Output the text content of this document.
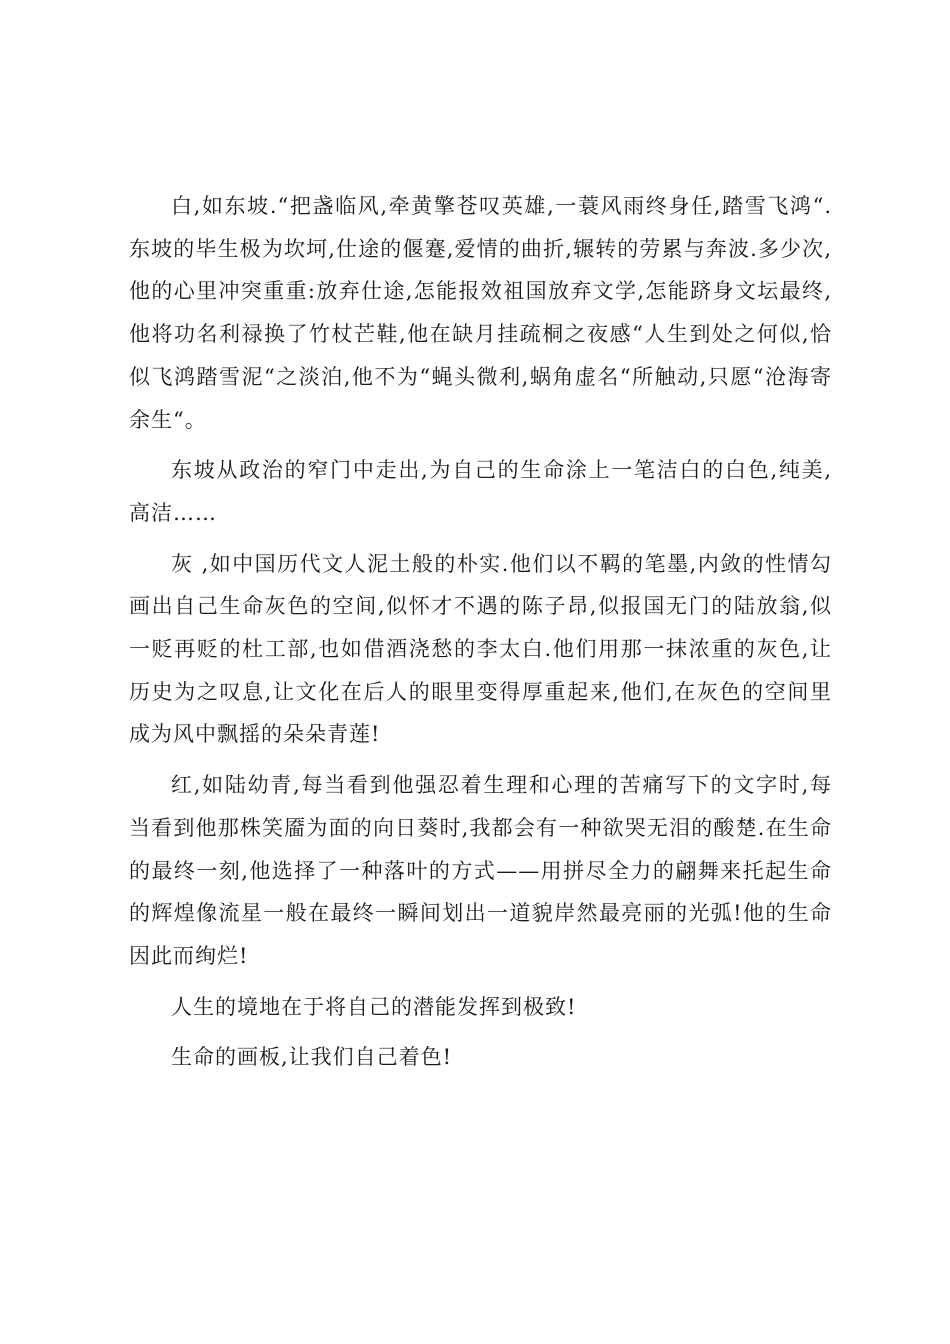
白,如东坡.“把盏临风,牵黄擎苍叹英雄,一蓑风雨终身任,踏雪飞鸿“.东坡的毕生极为坎坷,仕途的偃蹇,爱情的曲折,辗转的劳累与奔波.多少次,他的心里冲突重重:放弃仕途,怎能报效祖国放弃文学,怎能跻身文坛最终,他将功名利禄换了竹杖芒鞋,他在缺月挂疏桐之夜感“人生到处之何似,恰似飞鸿踏雪泥“之淡泊,他不为“蝇头微利,蜗角虚名“所触动,只愿“沧海寄余生“。

东坡从政治的窄门中走出,为自己的生命涂上一笔洁白的白色,纯美,高洁……

灰 ,如中国历代文人泥土般的朴实.他们以不羁的笔墨,内敛的性情勾画出自己生命灰色的空间,似怀才不遇的陈子昂,似报国无门的陆放翁,似一贬再贬的杜工部,也如借酒浇愁的李太白.他们用那一抹浓重的灰色,让历史为之叹息,让文化在后人的眼里变得厚重起来,他们,在灰色的空间里成为风中飘摇的朵朵青莲!

红,如陆幼青,每当看到他强忍着生理和心理的苦痛写下的文字时,每当看到他那株笑靥为面的向日葵时,我都会有一种欲哭无泪的酸楚.在生命的最终一刻,他选择了一种落叶的方式——用拼尽全力的翩舞来托起生命的辉煌像流星一般在最终一瞬间划出一道貌岸然最亮丽的光弧!他的生命因此而绚烂!

人生的境地在于将自己的潜能发挥到极致!

生命的画板,让我们自己着色!
